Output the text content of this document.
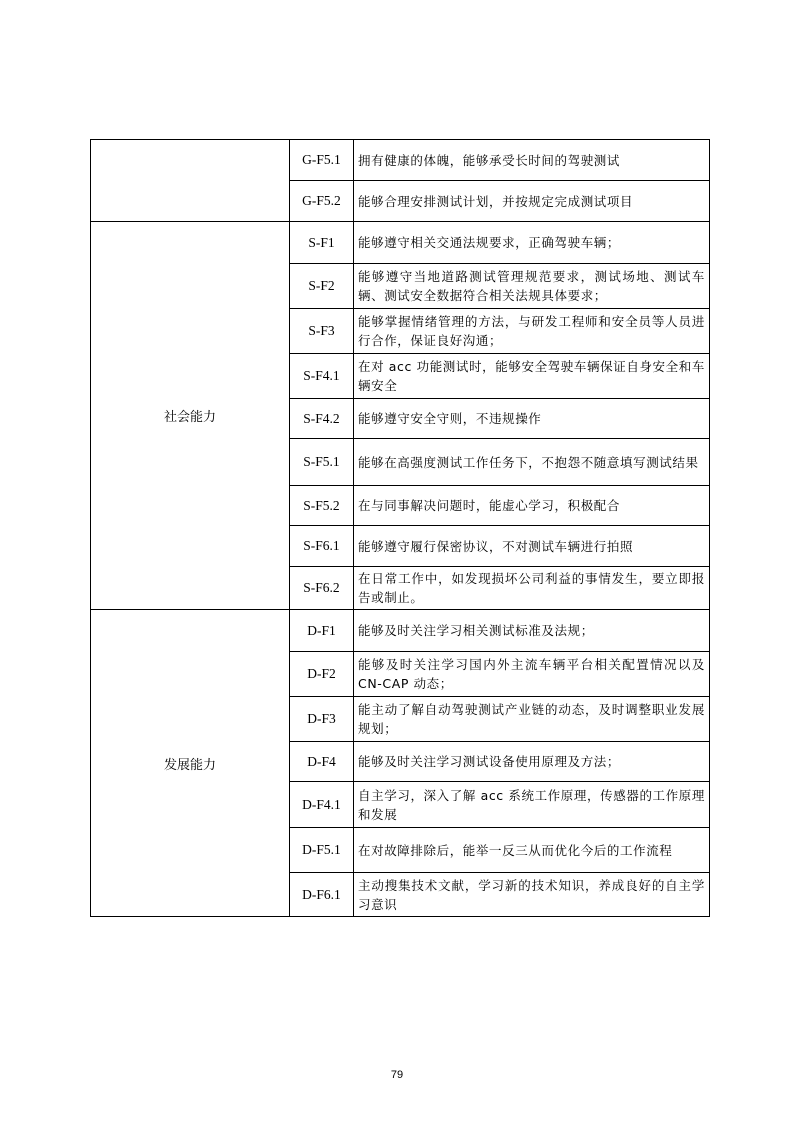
	G-F5.1	拥有健康的体魄，能够承受长时间的驾驶测试
	G-F5.2	能够合理安排测试计划，并按规定完成测试项目
社会能力	S-F1	能够遵守相关交通法规要求，正确驾驶车辆；
	S-F2	能够遵守当地道路测试管理规范要求，测试场地、测试车辆、测试安全数据符合相关法规具体要求；
	S-F3	能够掌握情绪管理的方法，与研发工程师和安全员等人员进行合作，保证良好沟通；
	S-F4.1	在对 acc 功能测试时，能够安全驾驶车辆保证自身安全和车辆安全
	S-F4.2	能够遵守安全守则，不违规操作
	S-F5.1	能够在高强度测试工作任务下，不抱怨不随意填写测试结果
	S-F5.2	在与同事解决问题时，能虚心学习，积极配合
	S-F6.1	能够遵守履行保密协议，不对测试车辆进行拍照
	S-F6.2	在日常工作中，如发现损坏公司利益的事情发生，要立即报告或制止。
发展能力	D-F1	能够及时关注学习相关测试标准及法规；
	D-F2	能够及时关注学习国内外主流车辆平台相关配置情况以及 CN-CAP 动态；
	D-F3	能主动了解自动驾驶测试产业链的动态，及时调整职业发展规划；
	D-F4	能够及时关注学习测试设备使用原理及方法；
	D-F4.1	自主学习，深入了解 acc 系统工作原理，传感器的工作原理和发展
	D-F5.1	在对故障排除后，能举一反三从而优化今后的工作流程
	D-F6.1	主动搜集技术文献，学习新的技术知识，养成良好的自主学习意识
79
